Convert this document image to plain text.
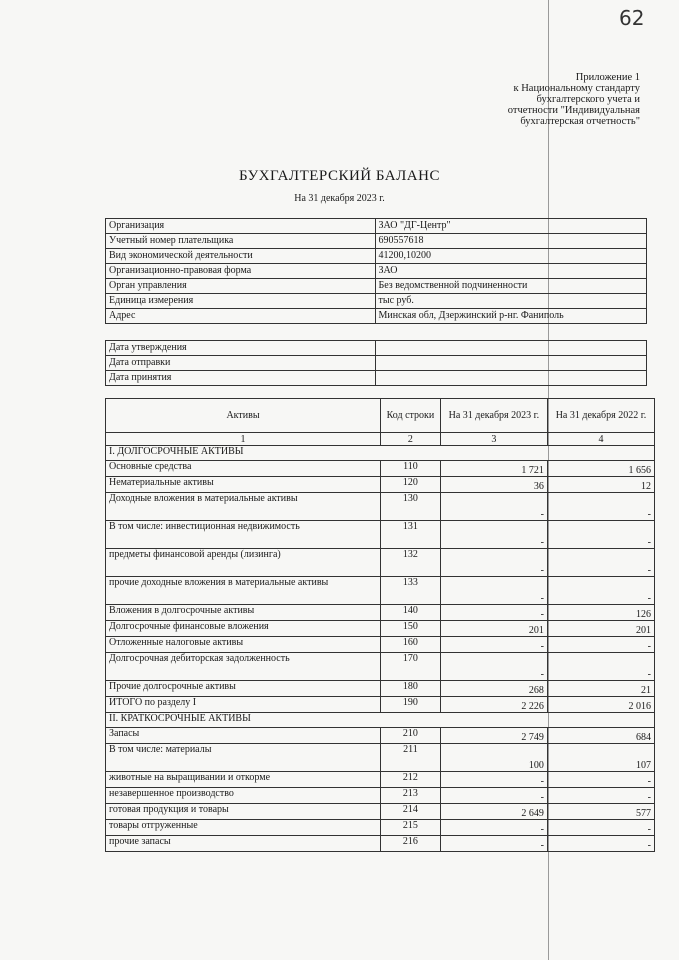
62
Приложение 1
к Национальному стандарту
бухгалтерского учета и
отчетности "Индивидуальная
бухгалтерская отчетность"
БУХГАЛТЕРСКИЙ БАЛАНС
На 31 декабря 2023 г.
Организация	ЗАО "ДГ-Центр"
Учетный номер плательщика	690557618
Вид экономической деятельности	41200,10200
Организационно-правовая форма	ЗАО
Орган управления	Без ведомственной подчиненности
Единица измерения	тыс руб.
Адрес	Минская обл, Дзержинский р-нг. Фаниполь
Дата утверждения	
Дата отправки	
Дата принятия	
Активы	Код строки	На 31 декабря 2023 г.	На 31 декабря 2022 г.
1	2	3	4
I. ДОЛГОСРОЧНЫЕ АКТИВЫ			
Основные средства	110	1 721	1 656
Нематериальные активы	120	36	12
Доходные вложения в материальные активы	130	-	-
В том числе: инвестиционная недвижимость	131	-	-
предметы финансовой аренды (лизинга)	132	-	-
прочие доходные вложения в материальные активы	133	-	-
Вложения в долгосрочные активы	140	-	126
Долгосрочные финансовые вложения	150	201	201
Отложенные налоговые активы	160	-	-
Долгосрочная дебиторская задолженность	170	-	-
Прочие долгосрочные активы	180	268	21
ИТОГО по разделу I	190	2 226	2 016
II. КРАТКОСРОЧНЫЕ АКТИВЫ			
Запасы	210	2 749	684
В том числе: материалы	211	100	107
животные на выращивании и откорме	212	-	-
незавершенное производство	213	-	-
готовая продукция и товары	214	2 649	577
товары отгруженные	215	-	-
прочие запасы	216	-	-
